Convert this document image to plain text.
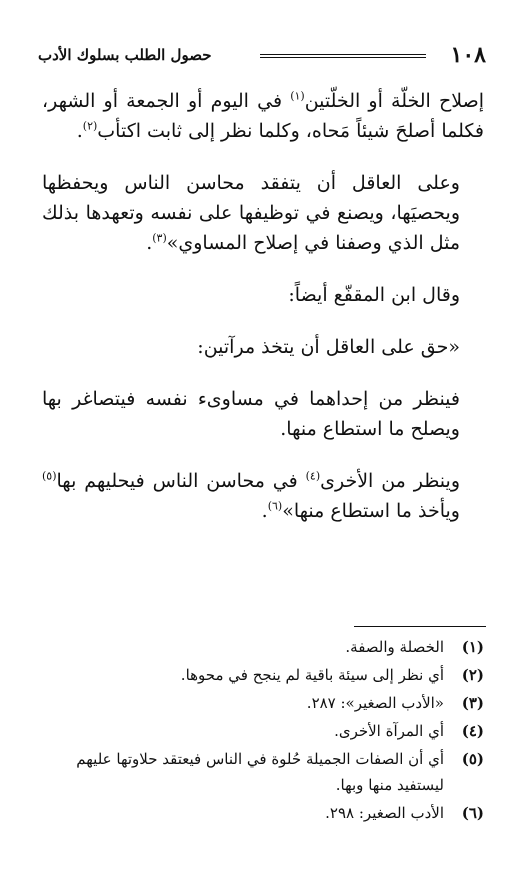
١٠٨
حصول الطلب بسلوك الأدب

إصلاح الخلّة أو الخلّتين$^{(١)}$ في اليوم أو الجمعة أو الشهر، فكلما أصلحَ شيئاً مَحاه، وكلما نظر إلى ثابت اكتأب$^{(٢)}$.

وعلى العاقل أن يتفقد محاسن الناس ويحفظها ويحصيَها، ويصنع في توظيفها على نفسه وتعهدها بذلك مثل الذي وصفنا في إصلاح المساوي»$^{(٣)}$.

وقال ابن المقفّع أيضاً:

«حق على العاقل أن يتخذ مرآتين:

فينظر من إحداهما في مساوىء نفسه فيتصاغر بها ويصلح ما استطاع منها.

وينظر من الأخرى$^{(٤)}$ في محاسن الناس فيحليهم بها$^{(٥)}$ ويأخذ ما استطاع منها»$^{(٦)}$.

(١)
الخصلة والصفة.
(٢)
أي نظر إلى سيئة باقية لم ينجح في محوها.
(٣)
«الأدب الصغير»: ٢٨٧.
(٤)
أي المرآة الأخرى.
(٥)
أي أن الصفات الجميلة حُلوة في الناس فيعتقد حلاوتها عليهم ليستفيد منها وبها.
(٦)
الأدب الصغير: ٢٩٨.
